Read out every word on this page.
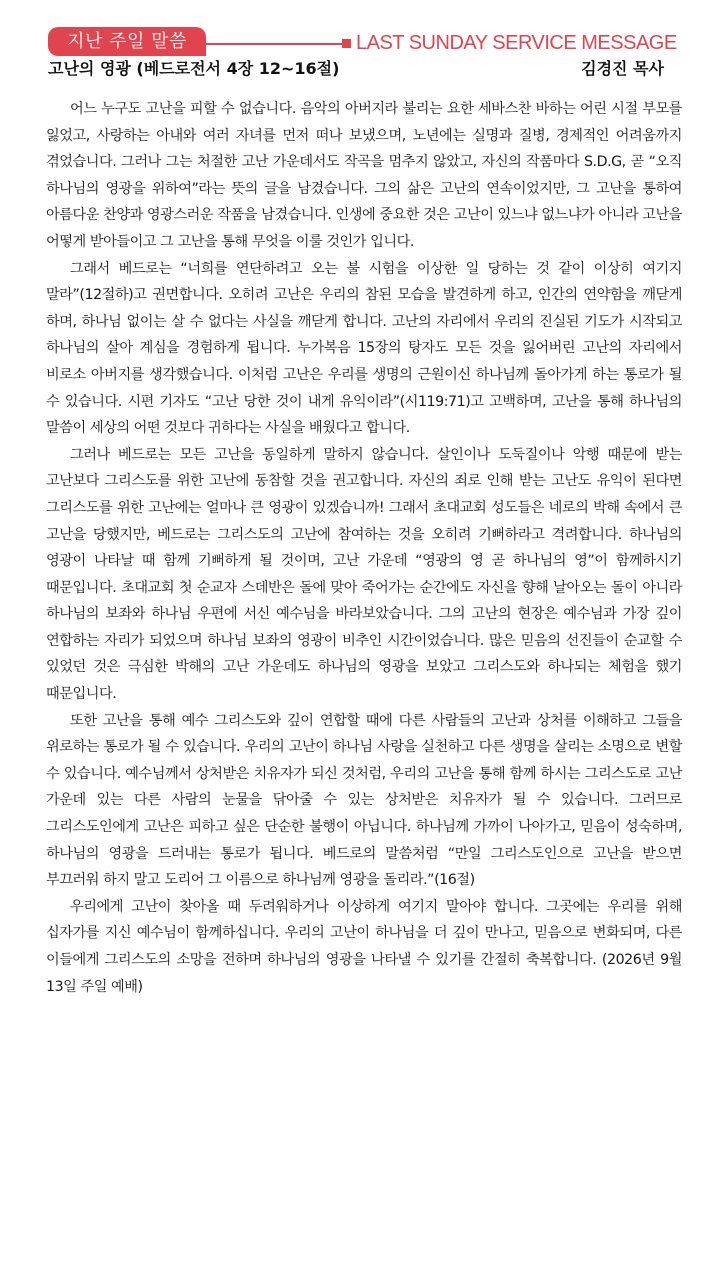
지난 주일 말씀	LAST SUNDAY SERVICE MESSAGE
고난의 영광 (베드로전서 4장 12~16절)	김경진 목사

어느 누구도 고난을 피할 수 없습니다. 음악의 아버지라 불리는 요한 세바스찬 바하는 어린 시절 부모를 잃었고, 사랑하는 아내와 여러 자녀를 먼저 떠나 보냈으며, 노년에는 실명과 질병, 경제적인 어려움까지 겪었습니다. 그러나 그는 처절한 고난 가운데서도 작곡을 멈추지 않았고, 자신의 작품마다 S.D.G, 곧 “오직 하나님의 영광을 위하여”라는 뜻의 글을 남겼습니다. 그의 삶은 고난의 연속이었지만, 그 고난을 통하여 아름다운 찬양과 영광스러운 작품을 남겼습니다. 인생에 중요한 것은 고난이 있느냐 없느냐가 아니라 고난을 어떻게 받아들이고 그 고난을 통해 무엇을 이룰 것인가 입니다.

그래서 베드로는 “너희를 연단하려고 오는 불 시험을 이상한 일 당하는 것 같이 이상히 여기지 말라”(12절하)고 권면합니다. 오히려 고난은 우리의 참된 모습을 발견하게 하고, 인간의 연약함을 깨닫게 하며, 하나님 없이는 살 수 없다는 사실을 깨닫게 합니다. 고난의 자리에서 우리의 진실된 기도가 시작되고 하나님의 살아 계심을 경험하게 됩니다. 누가복음 15장의 탕자도 모든 것을 잃어버린 고난의 자리에서 비로소 아버지를 생각했습니다. 이처럼 고난은 우리를 생명의 근원이신 하나님께 돌아가게 하는 통로가 될 수 있습니다. 시편 기자도 “고난 당한 것이 내게 유익이라”(시119:71)고 고백하며, 고난을 통해 하나님의 말씀이 세상의 어떤 것보다 귀하다는 사실을 배웠다고 합니다.

그러나 베드로는 모든 고난을 동일하게 말하지 않습니다. 살인이나 도둑질이나 악행 때문에 받는 고난보다 그리스도를 위한 고난에 동참할 것을 권고합니다. 자신의 죄로 인해 받는 고난도 유익이 된다면 그리스도를 위한 고난에는 얼마나 큰 영광이 있겠습니까! 그래서 초대교회 성도들은 네로의 박해 속에서 큰 고난을 당했지만, 베드로는 그리스도의 고난에 참여하는 것을 오히려 기뻐하라고 격려합니다. 하나님의 영광이 나타날 때 함께 기뻐하게 될 것이며, 고난 가운데 “영광의 영 곧 하나님의 영”이 함께하시기 때문입니다. 초대교회 첫 순교자 스데반은 돌에 맞아 죽어가는 순간에도 자신을 향해 날아오는 돌이 아니라 하나님의 보좌와 하나님 우편에 서신 예수님을 바라보았습니다. 그의 고난의 현장은 예수님과 가장 깊이 연합하는 자리가 되었으며 하나님 보좌의 영광이 비추인 시간이었습니다. 많은 믿음의 선진들이 순교할 수 있었던 것은 극심한 박해의 고난 가운데도 하나님의 영광을 보았고 그리스도와 하나되는 체험을 했기 때문입니다.

또한 고난을 통해 예수 그리스도와 깊이 연합할 때에 다른 사람들의 고난과 상처를 이해하고 그들을 위로하는 통로가 될 수 있습니다. 우리의 고난이 하나님 사랑을 실천하고 다른 생명을 살리는 소명으로 변할 수 있습니다. 예수님께서 상처받은 치유자가 되신 것처럼, 우리의 고난을 통해 함께 하시는 그리스도로 고난 가운데 있는 다른 사람의 눈물을 닦아줄 수 있는 상처받은 치유자가 될 수 있습니다. 그러므로 그리스도인에게 고난은 피하고 싶은 단순한 불행이 아닙니다. 하나님께 가까이 나아가고, 믿음이 성숙하며, 하나님의 영광을 드러내는 통로가 됩니다. 베드로의 말씀처럼 “만일 그리스도인으로 고난을 받으면 부끄러워 하지 말고 도리어 그 이름으로 하나님께 영광을 돌리라.”(16절)

우리에게 고난이 찾아올 때 두려워하거나 이상하게 여기지 말아야 합니다. 그곳에는 우리를 위해 십자가를 지신 예수님이 함께하십니다. 우리의 고난이 하나님을 더 깊이 만나고, 믿음으로 변화되며, 다른 이들에게 그리스도의 소망을 전하며 하나님의 영광을 나타낼 수 있기를 간절히 축복합니다. (2026년 9월 13일 주일 예배)
